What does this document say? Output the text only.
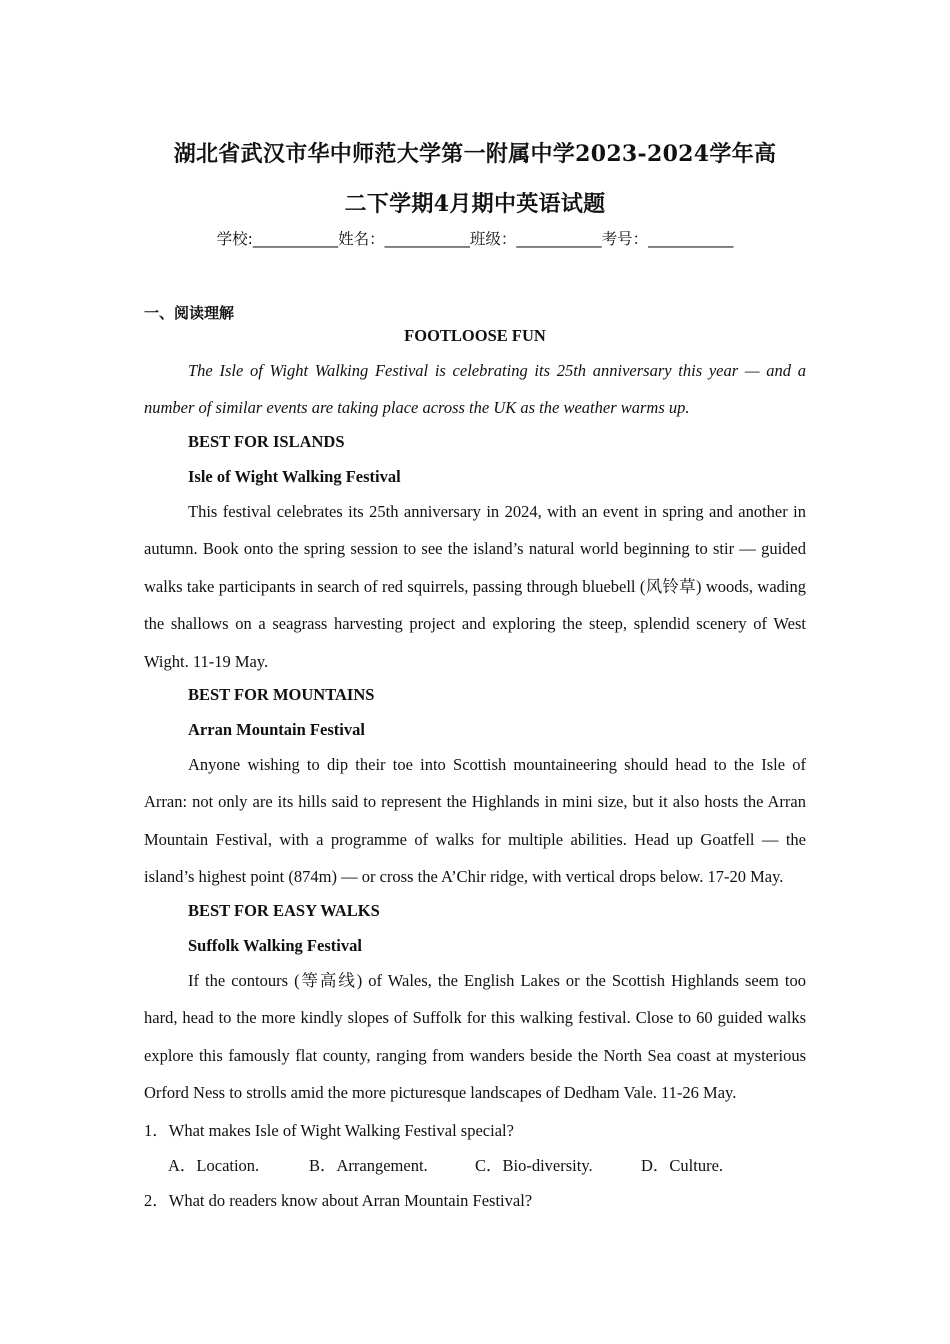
湖北省武汉市华中师范大学第一附属中学2023-2024学年高
二下学期4月期中英语试题
学校:___________姓名：___________班级：___________考号：___________
一、阅读理解
FOOTLOOSE FUN
The Isle of Wight Walking Festival is celebrating its 25th anniversary this year — and a number of similar events are taking place across the UK as the weather warms up.
BEST FOR ISLANDS
Isle of Wight Walking Festival
This festival celebrates its 25th anniversary in 2024, with an event in spring and another in autumn. Book onto the spring session to see the island’s natural world beginning to stir — guided walks take participants in search of red squirrels, passing through bluebell (风铃草) woods, wading the shallows on a seagrass harvesting project and exploring the steep, splendid scenery of West Wight. 11-19 May.
BEST FOR MOUNTAINS
Arran Mountain Festival
Anyone wishing to dip their toe into Scottish mountaineering should head to the Isle of Arran: not only are its hills said to represent the Highlands in mini size, but it also hosts the Arran Mountain Festival, with a programme of walks for multiple abilities. Head up Goatfell — the island’s highest point (874m) — or cross the A’Chir ridge, with vertical drops below. 17-20 May.
BEST FOR EASY WALKS
Suffolk Walking Festival
If the contours (等高线) of Wales, the English Lakes or the Scottish Highlands seem too hard, head to the more kindly slopes of Suffolk for this walking festival. Close to 60 guided walks explore this famously flat county, ranging from wanders beside the North Sea coast at mysterious Orford Ness to strolls amid the more picturesque landscapes of Dedham Vale. 11-26 May.
1．What makes Isle of Wight Walking Festival special?
A．Location.	B．Arrangement.	C．Bio-diversity.	D．Culture.
2．What do readers know about Arran Mountain Festival?
